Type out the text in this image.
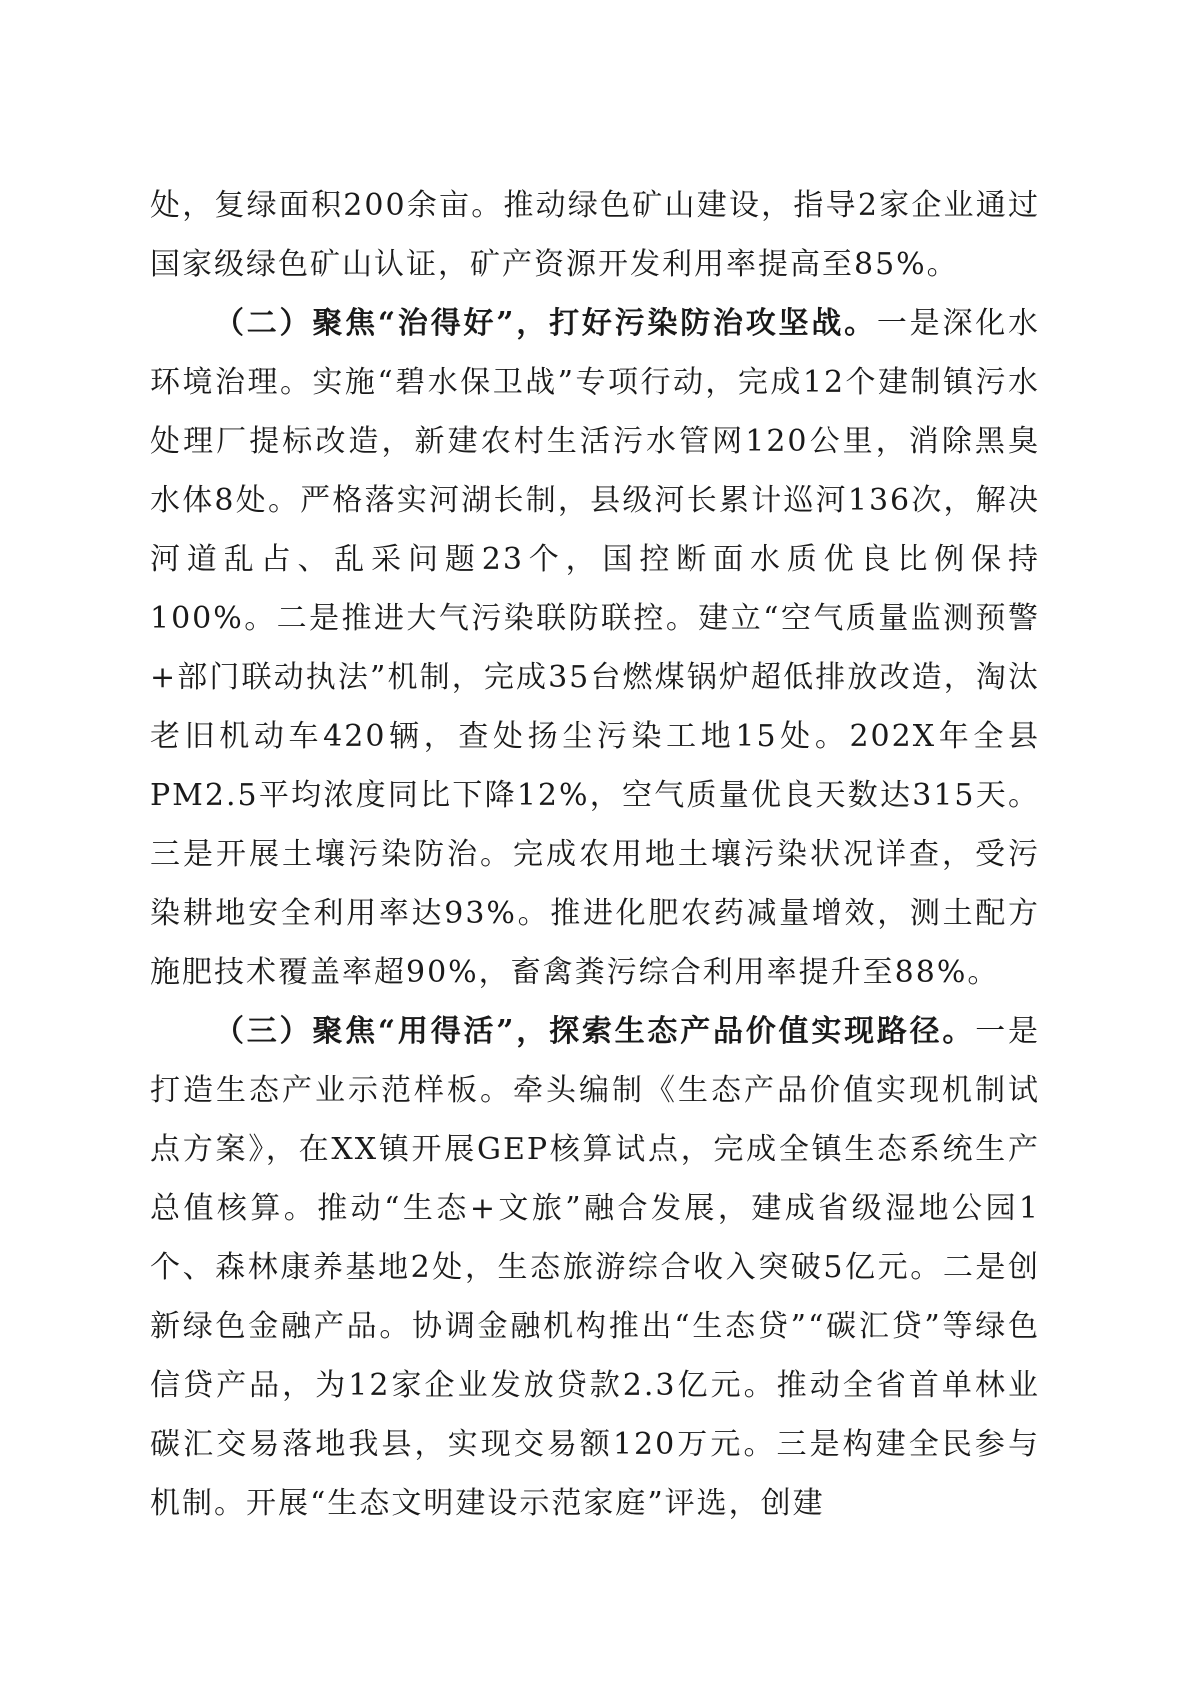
处，复绿面积200余亩。推动绿色矿山建设，指导2家企业通过国家级绿色矿山认证，矿产资源开发利用率提高至85%。

（二）聚焦“治得好”，打好污染防治攻坚战。一是深化水环境治理。实施“碧水保卫战”专项行动，完成12个建制镇污水处理厂提标改造，新建农村生活污水管网120公里，消除黑臭水体8处。严格落实河湖长制，县级河长累计巡河136次，解决河道乱占、乱采问题23个，国控断面水质优良比例保持100%。二是推进大气污染联防联控。建立“空气质量监测预警+部门联动执法”机制，完成35台燃煤锅炉超低排放改造，淘汰老旧机动车420辆，查处扬尘污染工地15处。202X年全县PM2.5平均浓度同比下降12%，空气质量优良天数达315天。三是开展土壤污染防治。完成农用地土壤污染状况详查，受污染耕地安全利用率达93%。推进化肥农药减量增效，测土配方施肥技术覆盖率超90%，畜禽粪污综合利用率提升至88%。

（三）聚焦“用得活”，探索生态产品价值实现路径。一是打造生态产业示范样板。牵头编制《生态产品价值实现机制试点方案》，在XX镇开展GEP核算试点，完成全镇生态系统生产总值核算。推动“生态+文旅”融合发展，建成省级湿地公园1个、森林康养基地2处，生态旅游综合收入突破5亿元。二是创新绿色金融产品。协调金融机构推出“生态贷”“碳汇贷”等绿色信贷产品，为12家企业发放贷款2.3亿元。推动全省首单林业碳汇交易落地我县，实现交易额120万元。三是构建全民参与机制。开展“生态文明建设示范家庭”评选，创建
